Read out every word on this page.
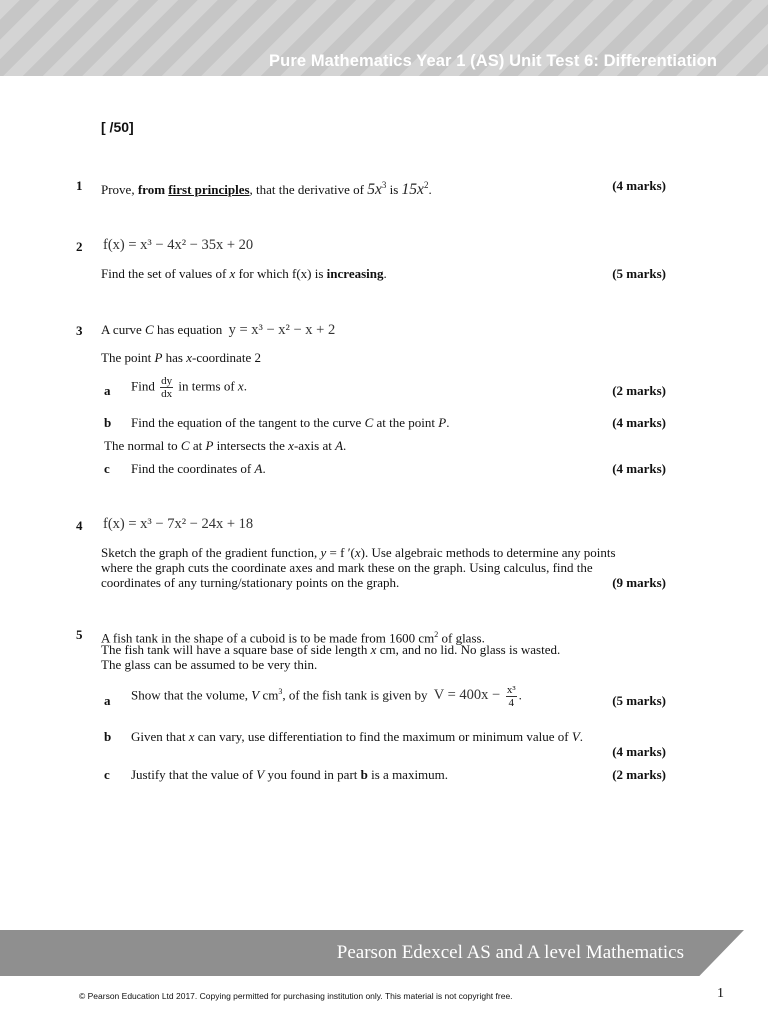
Pure Mathematics Year 1 (AS) Unit Test 6: Differentiation
[ /50]
1 Prove, from first principles, that the derivative of $5x^3$ is $15x^2$.	(4 marks)
2 f(x) = x³ − 4x² − 35x + 20
Find the set of values of x for which f(x) is increasing.	(5 marks)
3 A curve C has equation y = x³ − x² − x + 2
The point P has x-coordinate 2
a Find $\frac{dy}{dx}$ in terms of x.	(2 marks)
b Find the equation of the tangent to the curve C at the point P.	(4 marks)
The normal to C at P intersects the x-axis at A.
c Find the coordinates of A.	(4 marks)
4 f(x) = x³ − 7x² − 24x + 18
Sketch the graph of the gradient function, y = f ′(x). Use algebraic methods to determine any points
where the graph cuts the coordinate axes and mark these on the graph. Using calculus, find the
coordinates of any turning/stationary points on the graph.	(9 marks)
5 A fish tank in the shape of a cuboid is to be made from 1600 $cm^2$ of glass.
The fish tank will have a square base of side length x cm, and no lid. No glass is wasted.
The glass can be assumed to be very thin.
a Show that the volume, V $cm^3$, of the fish tank is given by $V = 400x - \frac{\text{x³}}{4}$ .	(5 marks)
b Given that x can vary, use differentiation to find the maximum or minimum value of V.
(4 marks)
c Justify that the value of V you found in part b is a maximum.	(2 marks)
Pearson Edexcel AS and A level Mathematics
© Pearson Education Ltd 2017. Copying permitted for purchasing institution only. This material is not copyright free.	1
